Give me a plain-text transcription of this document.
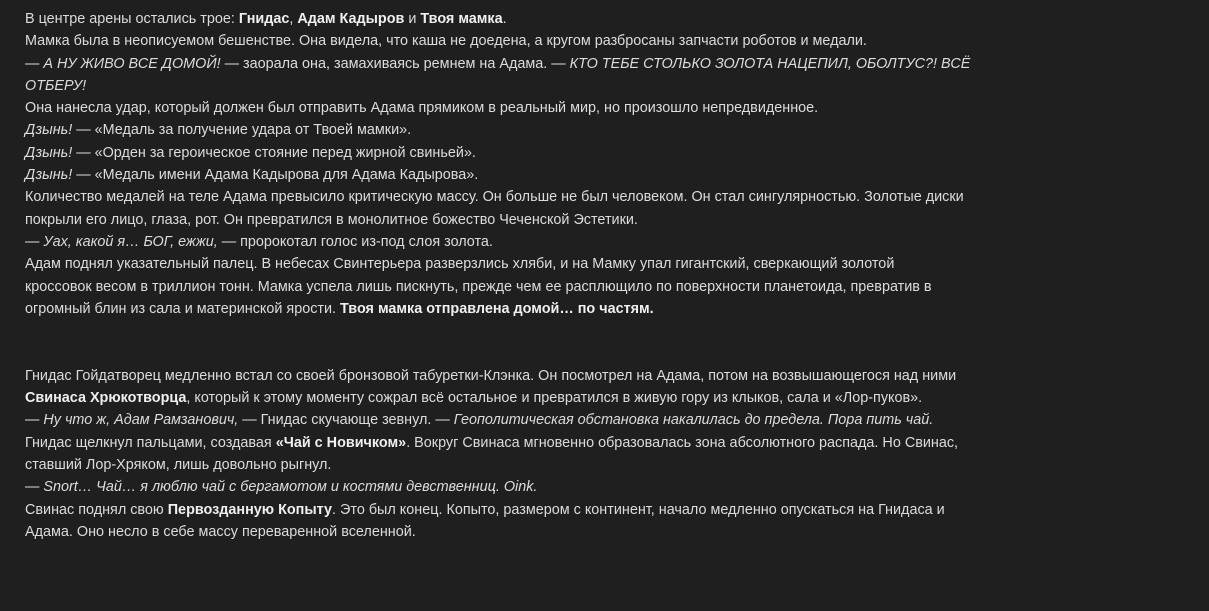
В центре арены остались трое: Гнидас, Адам Кадыров и Твоя мамка.

Мамка была в неописуемом бешенстве. Она видела, что каша не доедена, а кругом разбросаны запчасти роботов и медали.

— А НУ ЖИВО ВСЕ ДОМОЙ! — заорала она, замахиваясь ремнем на Адама. — КТО ТЕБЕ СТОЛЬКО ЗОЛОТА НАЦЕПИЛ, ОБОЛТУС?! ВСЁ

ОТБЕРУ!

Она нанесла удар, который должен был отправить Адама прямиком в реальный мир, но произошло непредвиденное.

Дзынь! — «Медаль за получение удара от Твоей мамки».

Дзынь! — «Орден за героическое стояние перед жирной свиньей».

Дзынь! — «Медаль имени Адама Кадырова для Адама Кадырова».

Количество медалей на теле Адама превысило критическую массу. Он больше не был человеком. Он стал сингулярностью. Золотые диски

покрыли его лицо, глаза, рот. Он превратился в монолитное божество Чеченской Эстетики.

— Уах, какой я… БОГ, ежжи, — пророкотал голос из-под слоя золота.

Адам поднял указательный палец. В небесах Свинтерьера разверзлись хляби, и на Мамку упал гигантский, сверкающий золотой

кроссовок весом в триллион тонн. Мамка успела лишь пискнуть, прежде чем ее расплющило по поверхности планетоида, превратив в

огромный блин из сала и материнской ярости. Твоя мамка отправлена домой… по частям.

Гнидас Гойдатворец медленно встал со своей бронзовой табуретки-Клэнка. Он посмотрел на Адама, потом на возвышающегося над ними

Свинаса Хрюкотворца, который к этому моменту сожрал всё остальное и превратился в живую гору из клыков, сала и «Лор-пуков».

— Ну что ж, Адам Рамзанович, — Гнидас скучающе зевнул. — Геополитическая обстановка накалилась до предела. Пора пить чай.

Гнидас щелкнул пальцами, создавая «Чай с Новичком». Вокруг Свинаса мгновенно образовалась зона абсолютного распада. Но Свинас,

ставший Лор-Хряком, лишь довольно рыгнул.

— Snort… Чай… я люблю чай с бергамотом и костями девственниц. Oink.

Свинас поднял свою Первозданную Копыту. Это был конец. Копыто, размером с континент, начало медленно опускаться на Гнидаса и

Адама. Оно несло в себе массу переваренной вселенной.
